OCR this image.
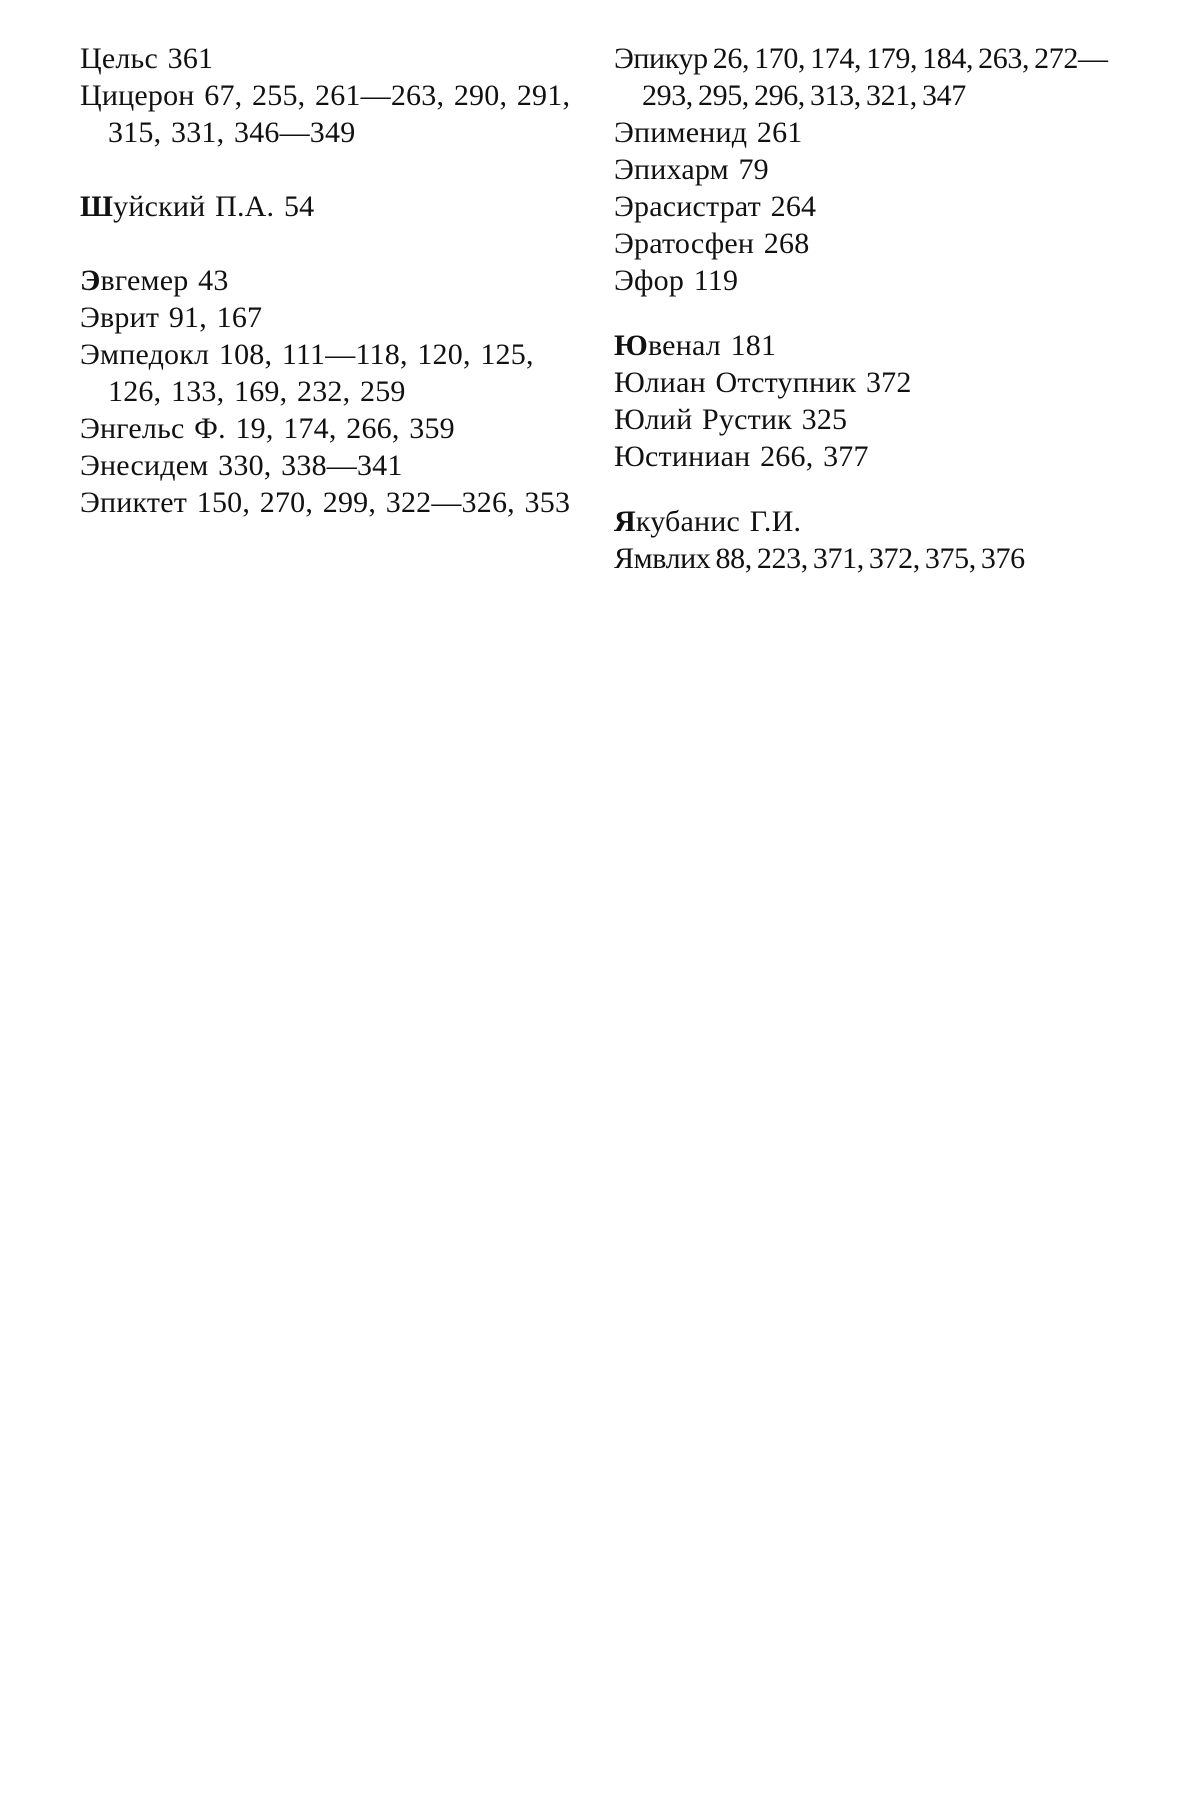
Цельс 361
Цицерон 67, 255, 261—263, 290, 291, 315, 331, 346—349
Шуйский П.А. 54
Эвгемер 43
Эврит 91, 167
Эмпедокл 108, 111—118, 120, 125, 126, 133, 169, 232, 259
Энгельс Ф. 19, 174, 266, 359
Энесидем 330, 338—341
Эпиктет 150, 270, 299, 322—326, 353
Эпикур 26, 170, 174, 179, 184, 263, 272—293, 295, 296, 313, 321, 347
Эпименид 261
Эпихарм 79
Эрасистрат 264
Эратосфен 268
Эфор 119
Ювенал 181
Юлиан Отступник 372
Юлий Рустик 325
Юстиниан 266, 377
Якубанис Г.И.
Ямвлих 88, 223, 371, 372, 375, 376
